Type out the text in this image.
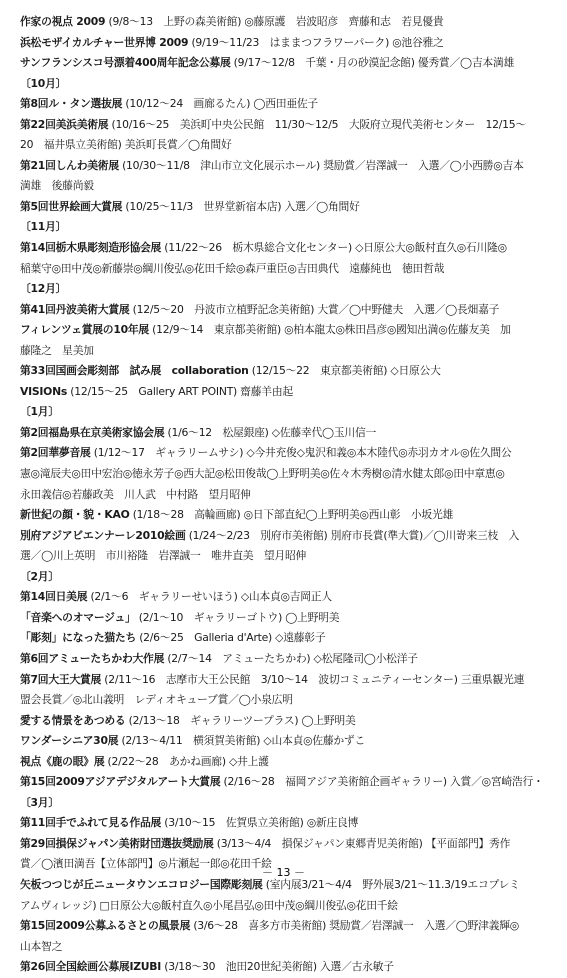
作家の視点 2009 (9/8～13　上野の森美術館) ◎藤原護　岩波昭彦　齊藤和志　若見優貴
浜松モザイカルチャー世界博 2009 (9/19～11/23　はままつフラワーパーク) ◎池谷雅之
サンフランシスコ号漂着400周年記念公募展 (9/17～12/8　千葉・月の砂漠記念館) 優秀賞／◯吉本満雄
〔10月〕
第8回ル・タン選抜展 (10/12～24　画廊るたん) ◯西田亜佐子
第22回美浜美術展 (10/16～25　美浜町中央公民館　11/30～12/5　大阪府立現代美術センター　12/15～
20　福井県立美術館) 美浜町長賞／◯角間好
第21回しんわ美術展 (10/30～11/8　津山市立文化展示ホール) 奨励賞／岩澤誠一　入選／◯小西勝◎吉本
満雄　後藤尚毅
第5回世界絵画大賞展 (10/25～11/3　世界堂新宿本店) 入選／◯角間好
〔11月〕
第14回栃木県彫刻造形協会展 (11/22～26　栃木県総合文化センター) ◇日原公大◎飯村直久◎石川隆◎
稲葉守◎田中茂◎新藤崇◎綱川俊弘◎花田千絵◎森戸重臣◎吉田典代　遠藤純也　徳田哲哉
〔12月〕
第41回丹波美術大賞展 (12/5～20　丹波市立植野記念美術館) 大賞／◯中野健夫　入選／◯長畑嘉子
フィレンツェ賞展の10年展 (12/9～14　東京都美術館) ◎柏本龍太◎株田昌彦◎國知出満◎佐藤友美　加
藤隆之　星美加
第33回国画会彫刻部　試み展　collaboration (12/15～22　東京都美術館) ◇日原公大
VISIONs (12/15～25　Gallery ART POINT) 齋藤羊由起
〔1月〕
第2回福島県在京美術家協会展 (1/6～12　松屋銀座) ◇佐藤幸代◯玉川信一
第2回華夢音展 (1/12～17　ギャラリームサシ) ◇今井充俊◇鬼沢和義◎本木陸代◎赤羽カオル◎佐久間公
憲◎滝辰夫◎田中宏治◎徳永芳子◎西大記◎松田俊哉◯上野明美◎佐々木秀樹◎清水健太郎◎田中章恵◎
永田義信◎若藤政美　川人武　中村路　望月昭伸
新世紀の顔・貌・KAO (1/18～28　高輪画廊) ◎日下部直紀◯上野明美◎西山彰　小坂光雄
別府アジアビエンナーレ2010絵画 (1/24～2/23　別府市美術館) 別府市長賞(準大賞)／◯川嵜来三枝　入
選／◯川上英明　市川裕隆　岩澤誠一　唯井直美　望月昭伸
〔2月〕
第14回日美展 (2/1～6　ギャラリーせいほう) ◇山本貞◎吉岡正人
「音楽へのオマージュ」 (2/1～10　ギャラリーゴトウ) ◯上野明美
「彫刻」になった猫たち (2/6～25　Galleria d'Arte) ◇遠藤彰子
第6回アミューたちかわ大作展 (2/7～14　アミューたちかわ) ◇松尾隆司◯小松洋子
第7回大王大賞展 (2/11～16　志摩市大王公民館　3/10～14　波切コミュニティーセンター) 三重県観光連
盟会長賞／◎北山義明　レディオキューブ賞／◯小泉広明
愛する情景をあつめる (2/13～18　ギャラリーツープラス) ◯上野明美
ワンダーシニア30展 (2/13～4/11　横須賀美術館) ◇山本貞◎佐藤かずこ
視点《鹿の眼》展 (2/22～28　あかね画廊) ◇井上護
第15回2009アジアデジタルアート大賞展 (2/16～28　福岡アジア美術館企画ギャラリー) 入賞／◎宮崎浩行・
〔3月〕
第11回手でふれて見る作品展 (3/10～15　佐賀県立美術館) ◎新庄良博
第29回損保ジャパン美術財団選抜奨励展 (3/13～4/4　損保ジャパン東郷青児美術館) 【平面部門】秀作
賞／◯濱田満吾【立体部門】◎片瀬起一郎◎花田千絵
矢板つつじが丘ニュータウンエコロジー国際彫刻展 (室内展3/21～4/4　野外展3/21～11.3/19エコプレミ
アムヴィレッジ) □日原公大◎飯村直久◎小尾昌弘◎田中茂◎綱川俊弘◎花田千絵
第15回2009公募ふるさとの風景展 (3/6～28　喜多方市美術館) 奨励賞／岩澤誠一　入選／◯野津義輝◎
山本智之
第26回全国絵画公募展IZUBI (3/18～30　池田20世紀美術館) 入選／古永敏子
－ 13 －
